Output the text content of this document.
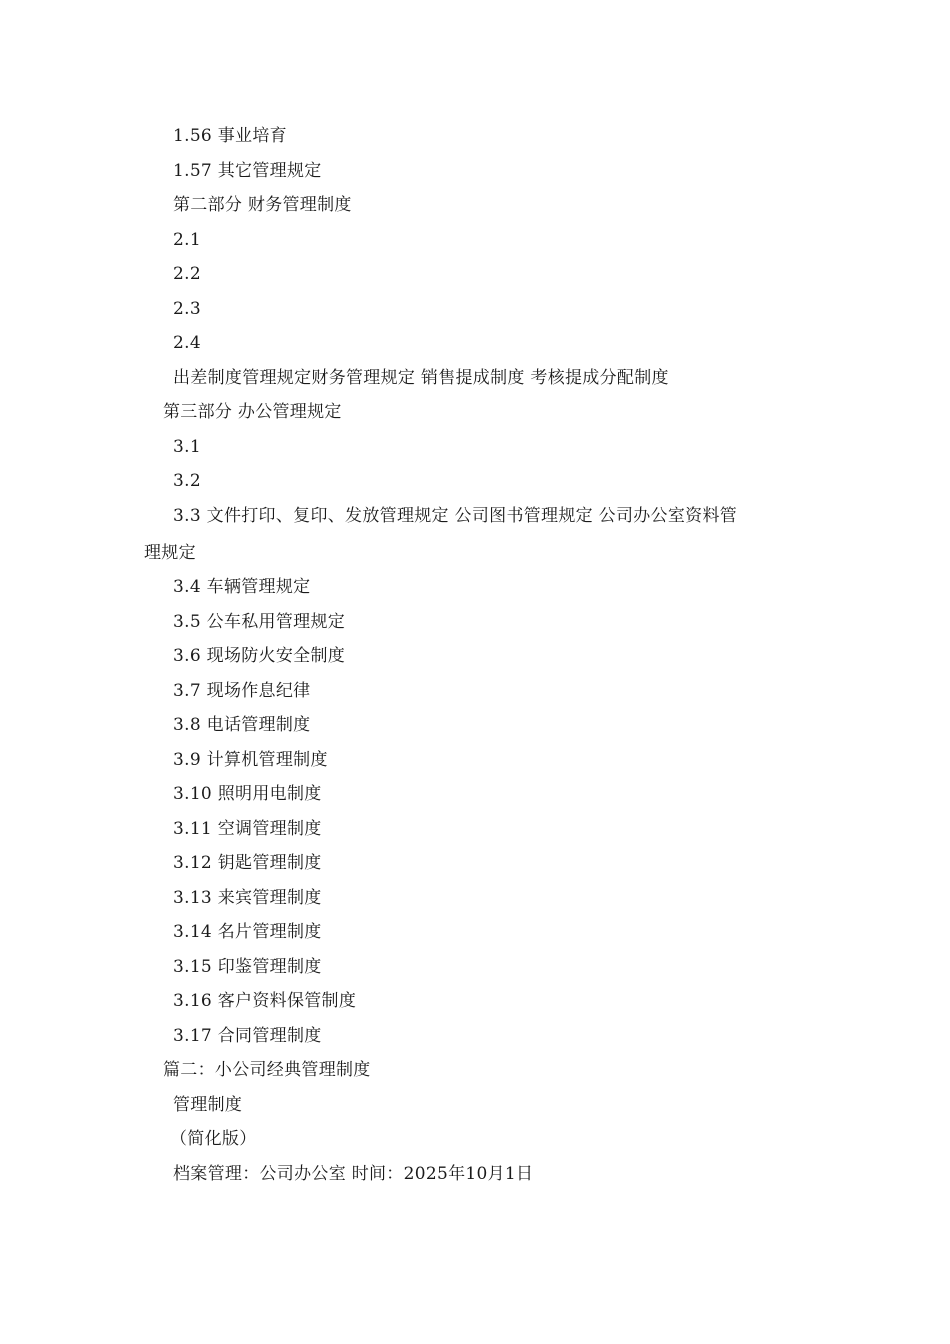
1.56 事业培育
1.57 其它管理规定
第二部分 财务管理制度
2.1
2.2
2.3
2.4
出差制度管理规定财务管理规定 销售提成制度 考核提成分配制度
第三部分 办公管理规定
3.1
3.2
3.3 文件打印、复印、发放管理规定 公司图书管理规定 公司办公室资料管
理规定
3.4 车辆管理规定
3.5 公车私用管理规定
3.6 现场防火安全制度
3.7 现场作息纪律
3.8 电话管理制度
3.9 计算机管理制度
3.10 照明用电制度
3.11 空调管理制度
3.12 钥匙管理制度
3.13 来宾管理制度
3.14 名片管理制度
3.15 印鉴管理制度
3.16 客户资料保管制度
3.17 合同管理制度
篇二：小公司经典管理制度
管理制度
（简化版）
档案管理：公司办公室 时间：2025年10月1日
